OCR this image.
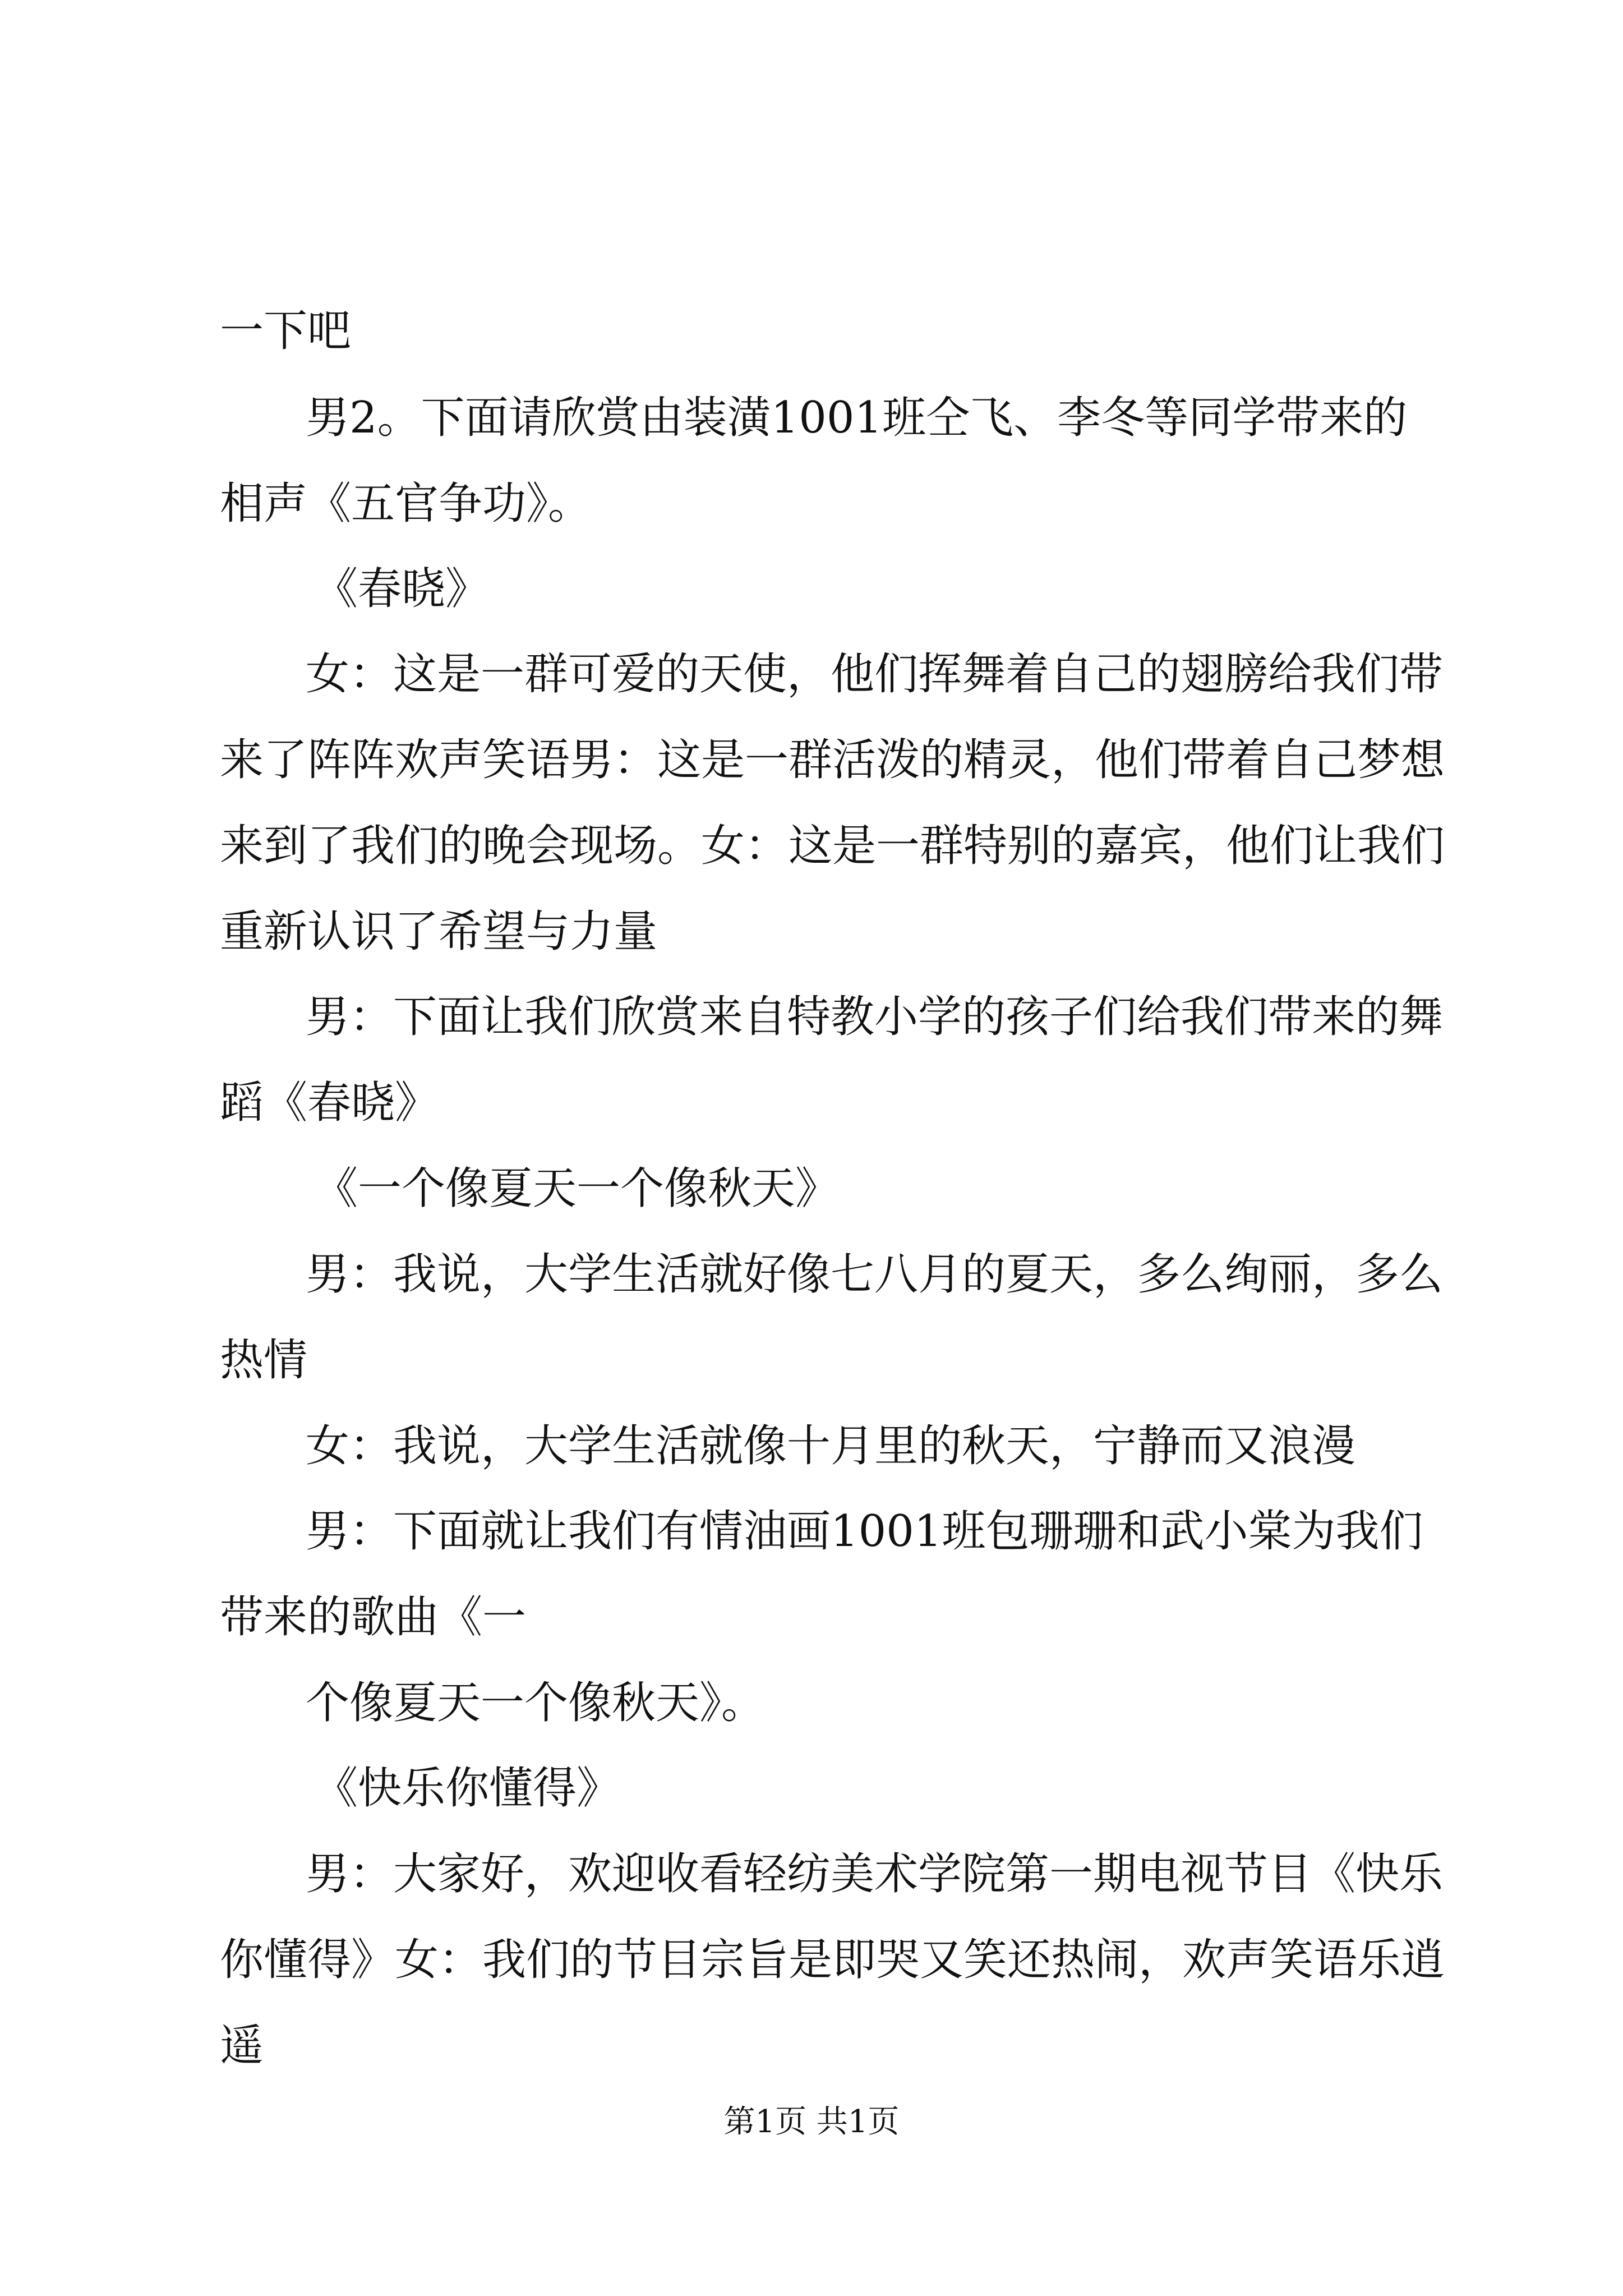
一下吧
男2。下面请欣赏由装潢1001班仝飞、李冬等同学带来的
相声《五官争功》。
《春晓》
女：这是一群可爱的天使，他们挥舞着自己的翅膀给我们带
来了阵阵欢声笑语男：这是一群活泼的精灵，他们带着自己梦想
来到了我们的晚会现场。女：这是一群特别的嘉宾，他们让我们
重新认识了希望与力量
男：下面让我们欣赏来自特教小学的孩子们给我们带来的舞
蹈《春晓》
《一个像夏天一个像秋天》
男：我说，大学生活就好像七八月的夏天，多么绚丽，多么
热情
女：我说，大学生活就像十月里的秋天，宁静而又浪漫
男：下面就让我们有情油画1001班包珊珊和武小棠为我们
带来的歌曲《一
个像夏天一个像秋天》。
《快乐你懂得》
男：大家好，欢迎收看轻纺美术学院第一期电视节目《快乐
你懂得》女：我们的节目宗旨是即哭又笑还热闹，欢声笑语乐逍
遥
第1页 共1页
